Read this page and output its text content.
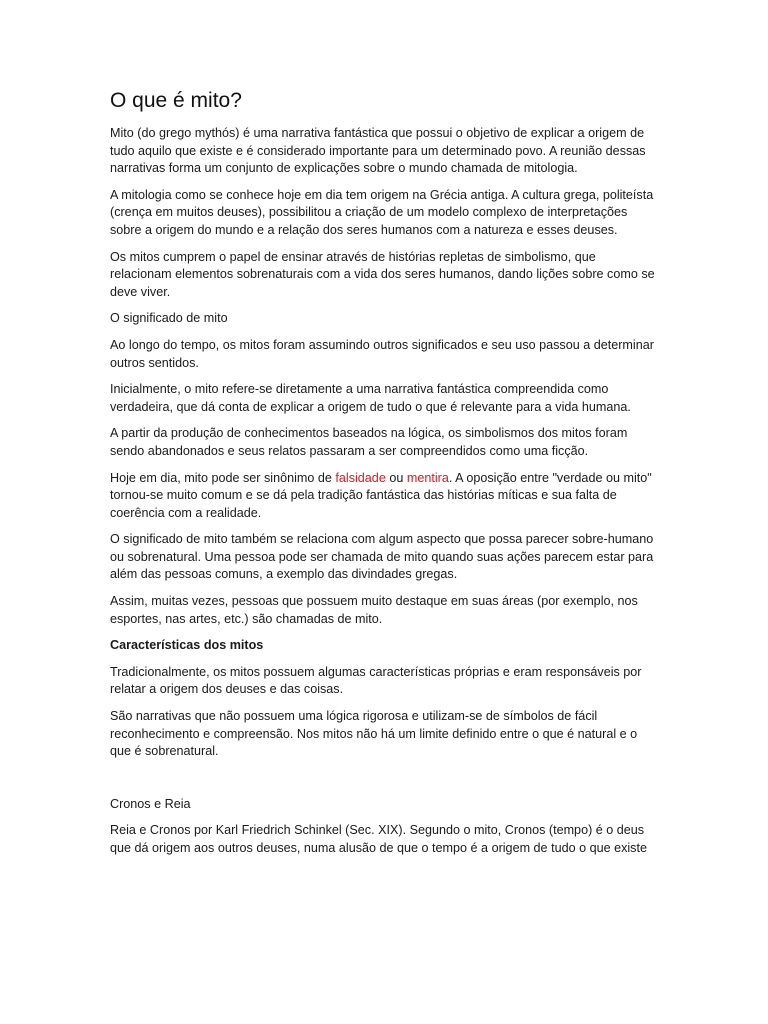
O que é mito?

Mito (do grego mythós) é uma narrativa fantástica que possui o objetivo de explicar a origem de tudo aquilo que existe e é considerado importante para um determinado povo. A reunião dessas narrativas forma um conjunto de explicações sobre o mundo chamada de mitologia.

A mitologia como se conhece hoje em dia tem origem na Grécia antiga. A cultura grega, politeísta (crença em muitos deuses), possibilitou a criação de um modelo complexo de interpretações sobre a origem do mundo e a relação dos seres humanos com a natureza e esses deuses.

Os mitos cumprem o papel de ensinar através de histórias repletas de simbolismo, que relacionam elementos sobrenaturais com a vida dos seres humanos, dando lições sobre como se deve viver.

O significado de mito

Ao longo do tempo, os mitos foram assumindo outros significados e seu uso passou a determinar outros sentidos.

Inicialmente, o mito refere-se diretamente a uma narrativa fantástica compreendida como verdadeira, que dá conta de explicar a origem de tudo o que é relevante para a vida humana.

A partir da produção de conhecimentos baseados na lógica, os simbolismos dos mitos foram sendo abandonados e seus relatos passaram a ser compreendidos como uma ficção.

Hoje em dia, mito pode ser sinônimo de falsidade ou mentira. A oposição entre "verdade ou mito" tornou-se muito comum e se dá pela tradição fantástica das histórias míticas e sua falta de coerência com a realidade.

O significado de mito também se relaciona com algum aspecto que possa parecer sobre-humano ou sobrenatural. Uma pessoa pode ser chamada de mito quando suas ações parecem estar para além das pessoas comuns, a exemplo das divindades gregas.

Assim, muitas vezes, pessoas que possuem muito destaque em suas áreas (por exemplo, nos esportes, nas artes, etc.) são chamadas de mito.

Características dos mitos

Tradicionalmente, os mitos possuem algumas características próprias e eram responsáveis por relatar a origem dos deuses e das coisas.

São narrativas que não possuem uma lógica rigorosa e utilizam-se de símbolos de fácil reconhecimento e compreensão. Nos mitos não há um limite definido entre o que é natural e o que é sobrenatural.

Cronos e Reia

Reia e Cronos por Karl Friedrich Schinkel (Sec. XIX). Segundo o mito, Cronos (tempo) é o deus que dá origem aos outros deuses, numa alusão de que o tempo é a origem de tudo o que existe
